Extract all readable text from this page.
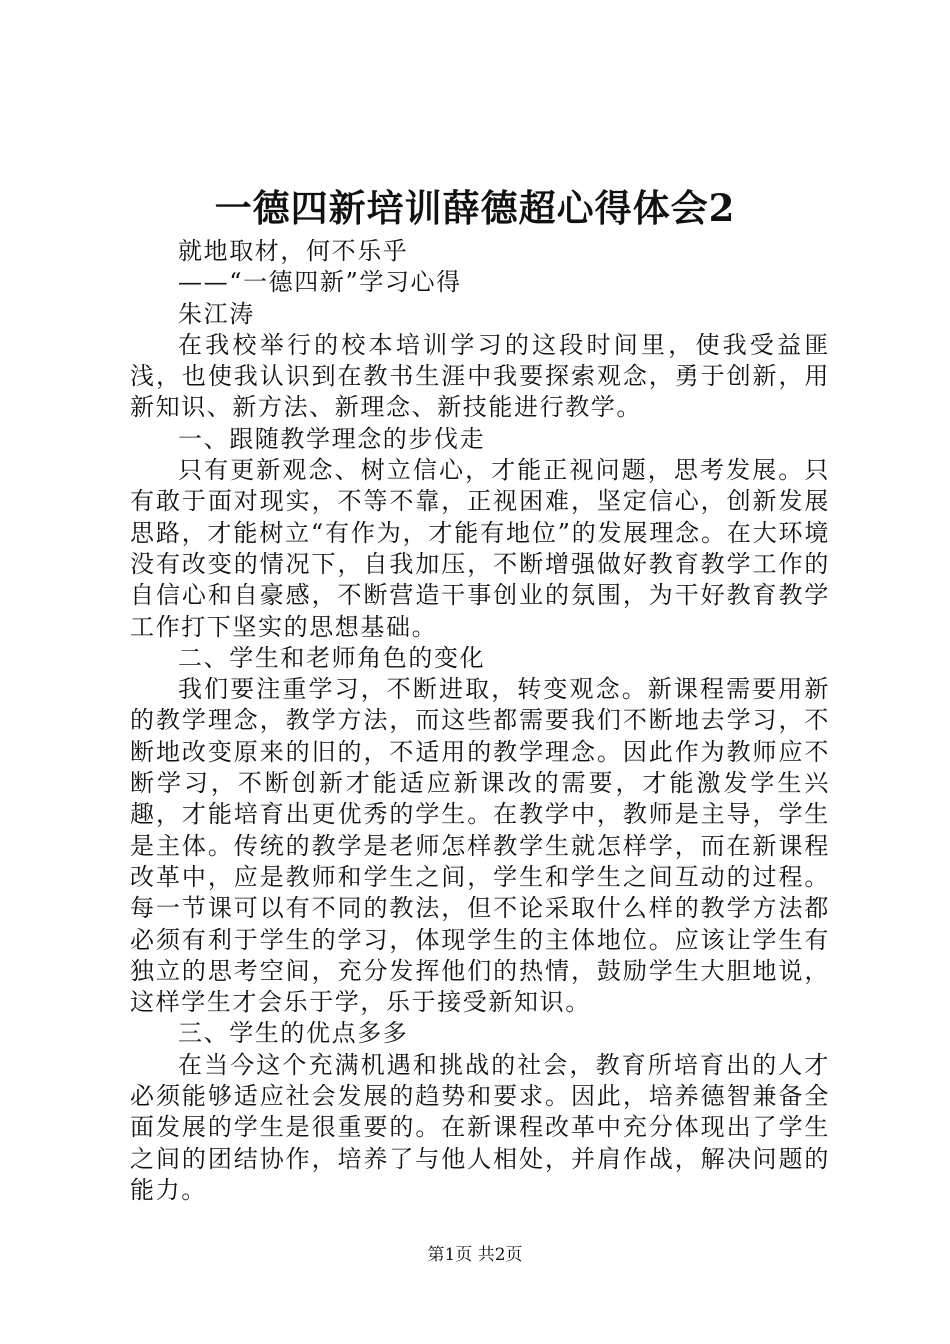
一德四新培训薛德超心得体会2

就地取材，何不乐乎

——“一德四新”学习心得

朱江涛

在我校举行的校本培训学习的这段时间里，使我受益匪浅，也使我认识到在教书生涯中我要探索观念，勇于创新，用新知识、新方法、新理念、新技能进行教学。

一、跟随教学理念的步伐走

只有更新观念、树立信心，才能正视问题，思考发展。只有敢于面对现实，不等不靠，正视困难，坚定信心，创新发展思路，才能树立“有作为，才能有地位”的发展理念。在大环境没有改变的情况下，自我加压，不断增强做好教育教学工作的自信心和自豪感，不断营造干事创业的氛围，为干好教育教学工作打下坚实的思想基础。

二、学生和老师角色的变化

我们要注重学习，不断进取，转变观念。新课程需要用新的教学理念，教学方法，而这些都需要我们不断地去学习，不断地改变原来的旧的，不适用的教学理念。因此作为教师应不断学习，不断创新才能适应新课改的需要，才能激发学生兴趣，才能培育出更优秀的学生。在教学中，教师是主导，学生是主体。传统的教学是老师怎样教学生就怎样学，而在新课程改革中，应是教师和学生之间，学生和学生之间互动的过程。每一节课可以有不同的教法，但不论采取什么样的教学方法都必须有利于学生的学习，体现学生的主体地位。应该让学生有独立的思考空间，充分发挥他们的热情，鼓励学生大胆地说，这样学生才会乐于学，乐于接受新知识。

三、学生的优点多多

在当今这个充满机遇和挑战的社会，教育所培育出的人才必须能够适应社会发展的趋势和要求。因此，培养德智兼备全面发展的学生是很重要的。在新课程改革中充分体现出了学生之间的团结协作，培养了与他人相处，并肩作战，解决问题的能力。

第1页 共2页
